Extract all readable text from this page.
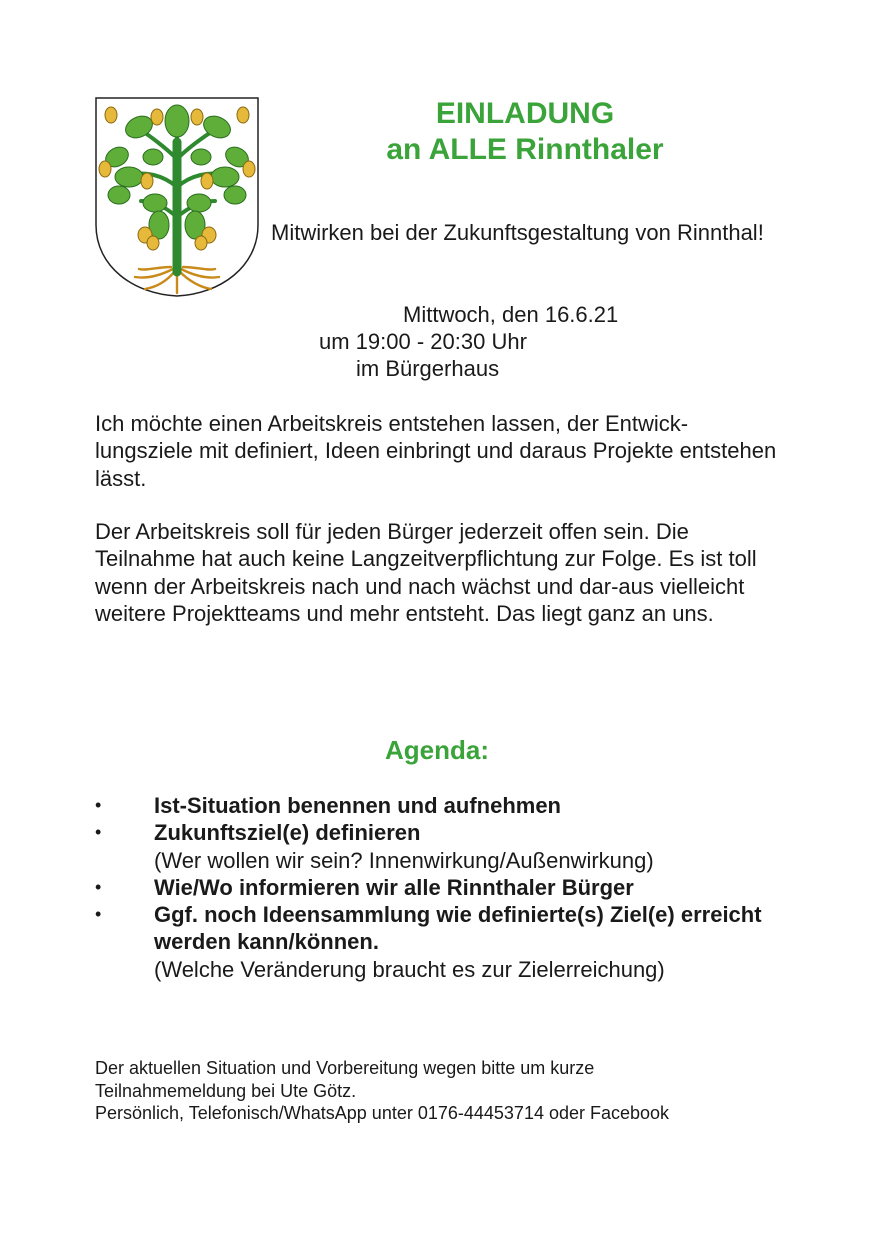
EINLADUNG
an ALLE Rinnthaler
Mitwirken bei der Zukunftsgestaltung von Rinnthal!
Mittwoch, den 16.6.21
um 19:00 - 20:30 Uhr
im Bürgerhaus

Ich möchte einen Arbeitskreis entstehen lassen, der Entwick-lungsziele mit definiert, Ideen einbringt und daraus Projekte entstehen lässt.

Der Arbeitskreis soll für jeden Bürger jederzeit offen sein. Die Teilnahme hat auch keine Langzeitverpflichtung zur Folge. Es ist toll wenn der Arbeitskreis nach und nach wächst und dar-aus vielleicht weitere Projektteams und mehr entsteht. Das liegt ganz an uns.

Agenda:
•	Ist-Situation benennen und aufnehmen
•	Zukunftsziel(e) definieren
(Wer wollen wir sein? Innenwirkung/Außenwirkung)
•	Wie/Wo informieren wir alle Rinnthaler Bürger
•	Ggf. noch Ideensammlung wie definierte(s) Ziel(e) erreicht werden kann/können.
(Welche Veränderung braucht es zur Zielerreichung)
Der aktuellen Situation und Vorbereitung wegen bitte um kurze
Teilnahmemeldung bei Ute Götz.
Persönlich, Telefonisch/WhatsApp unter 0176-44453714 oder Facebook
